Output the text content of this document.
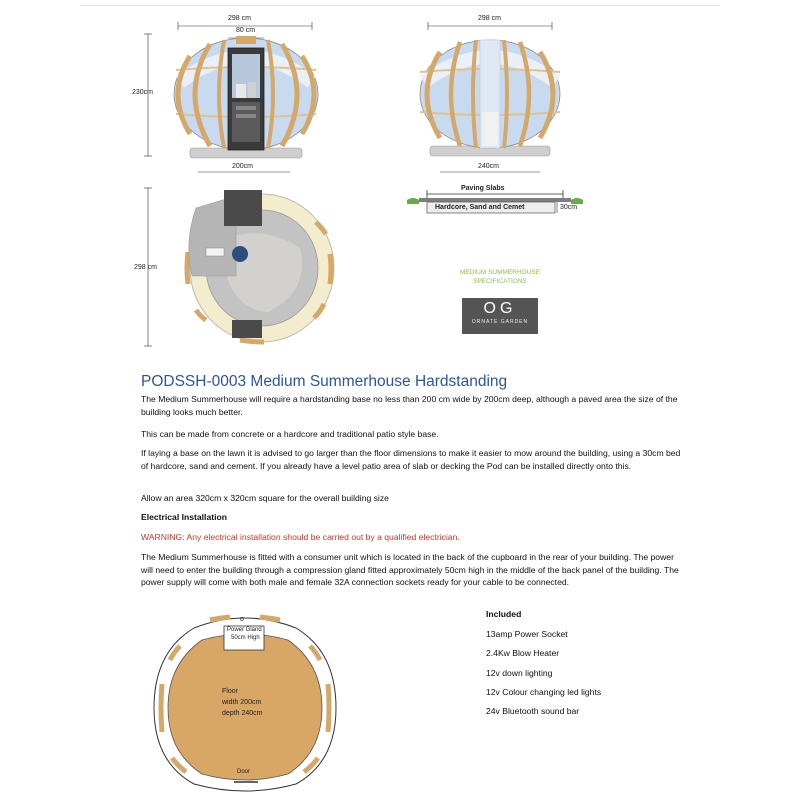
298 cm
80 cm
230cm
200cm
298 cm
240cm
298 cm
Paving Slabs
Hardcore, Sand and Cemet	30cm
MEDIUM SUMMERHOUSE
SPECIFICATIONS
OG
ORNATE GARDEN
PODSSH-0003 Medium Summerhouse Hardstanding
The Medium Summerhouse will require a hardstanding base no less than 200 cm wide by 200cm deep, although a paved area the size of the building looks much better.
This can be made from concrete or a hardcore and traditional patio style base.
If laying a base on the lawn it is advised to go larger than the floor dimensions to make it easier to mow around the building, using a 30cm bed of hardcore, sand and cement. If you already have a level patio area of slab or decking the Pod can be installed directly onto this.
Allow an area 320cm x 320cm square for the overall building size
Electrical Installation
WARNING: Any electrical installation should be carried out by a qualified electrician.
The Medium Summerhouse is fitted with a consumer unit which is located in the back of the cupboard in the rear of your building. The power will need to enter the building through a compression gland fitted approximately 50cm high in the middle of the back panel of the building. The power supply will come with both male and female 32A connection sockets ready for your cable to be connected.
o
Power Gland
50cm High
Floor
width 200cm
depth 240cm
Door
Included
13amp Power Socket
2.4Kw Blow Heater
12v down lighting
12v Colour changing led lights
24v Bluetooth sound bar
